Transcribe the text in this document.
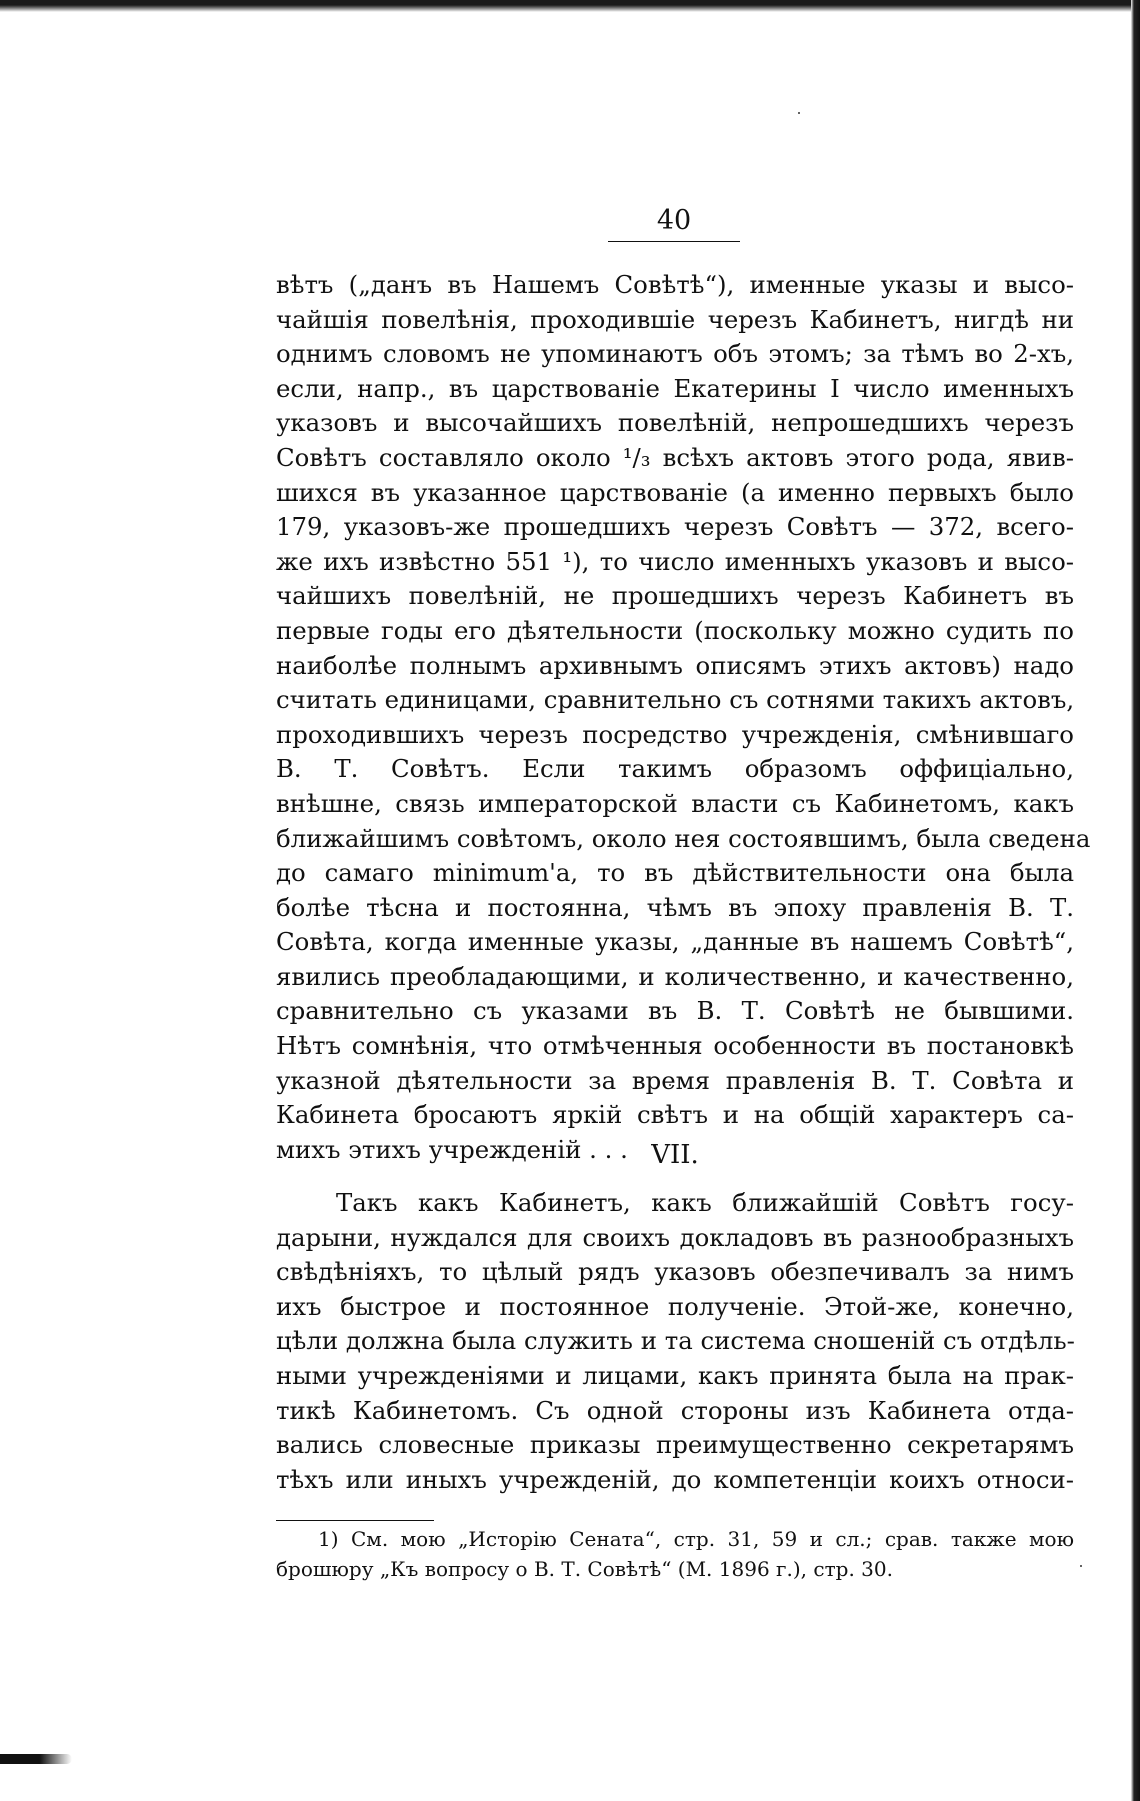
40
вѣтъ („данъ въ Нашемъ Совѣтѣ“), именные указы и высо-
чайшія повелѣнія, проходившіе черезъ Кабинетъ, нигдѣ ни
однимъ словомъ не упоминаютъ объ этомъ; за тѣмъ во 2-хъ,
если, напр., въ царствованіе Екатерины I число именныхъ
указовъ и высочайшихъ повелѣній, непрошедшихъ черезъ
Совѣтъ составляло около ¹/₃ всѣхъ актовъ этого рода, явив-
шихся въ указанное царствованіе (а именно первыхъ было
179, указовъ-же прошедшихъ черезъ Совѣтъ — 372, всего-
же ихъ извѣстно 551 ¹), то число именныхъ указовъ и высо-
чайшихъ повелѣній, не прошедшихъ черезъ Кабинетъ въ
первые годы его дѣятельности (поскольку можно судить по
наиболѣе полнымъ архивнымъ описямъ этихъ актовъ) надо
считать единицами, сравнительно съ сотнями такихъ актовъ,
проходившихъ черезъ посредство учрежденія, смѣнившаго
В. Т. Совѣтъ. Если такимъ образомъ оффиціально,
внѣшне, связь императорской власти съ Кабинетомъ, какъ
ближайшимъ совѣтомъ, около нея состоявшимъ, была сведена
до самаго minimum'а, то въ дѣйствительности она была
болѣе тѣсна и постоянна, чѣмъ въ эпоху правленія В. Т.
Совѣта, когда именные указы, „данные въ нашемъ Совѣтѣ“,
явились преобладающими, и количественно, и качественно,
сравнительно съ указами въ В. Т. Совѣтѣ не бывшими.
Нѣтъ сомнѣнія, что отмѣченныя особенности въ постановкѣ
указной дѣятельности за время правленія В. Т. Совѣта и
Кабинета бросаютъ яркій свѣтъ и на общій характеръ са-
михъ этихъ учрежденій . . . VII.
Такъ какъ Кабинетъ, какъ ближайшій Совѣтъ госу-
дарыни, нуждался для своихъ докладовъ въ разнообразныхъ
свѣдѣніяхъ, то цѣлый рядъ указовъ обезпечивалъ за нимъ
ихъ быстрое и постоянное полученіе. Этой-же, конечно,
цѣли должна была служить и та система сношеній съ отдѣль-
ными учрежденіями и лицами, какъ принята была на прак-
тикѣ Кабинетомъ. Съ одной стороны изъ Кабинета отда-
вались словесные приказы преимущественно секретарямъ
тѣхъ или иныхъ учрежденій, до компетенціи коихъ относи-
1) См. мою „Исторію Сената“, стр. 31, 59 и сл.; срав. также мою
брошюру „Къ вопросу о В. Т. Совѣтѣ“ (М. 1896 г.), стр. 30.
